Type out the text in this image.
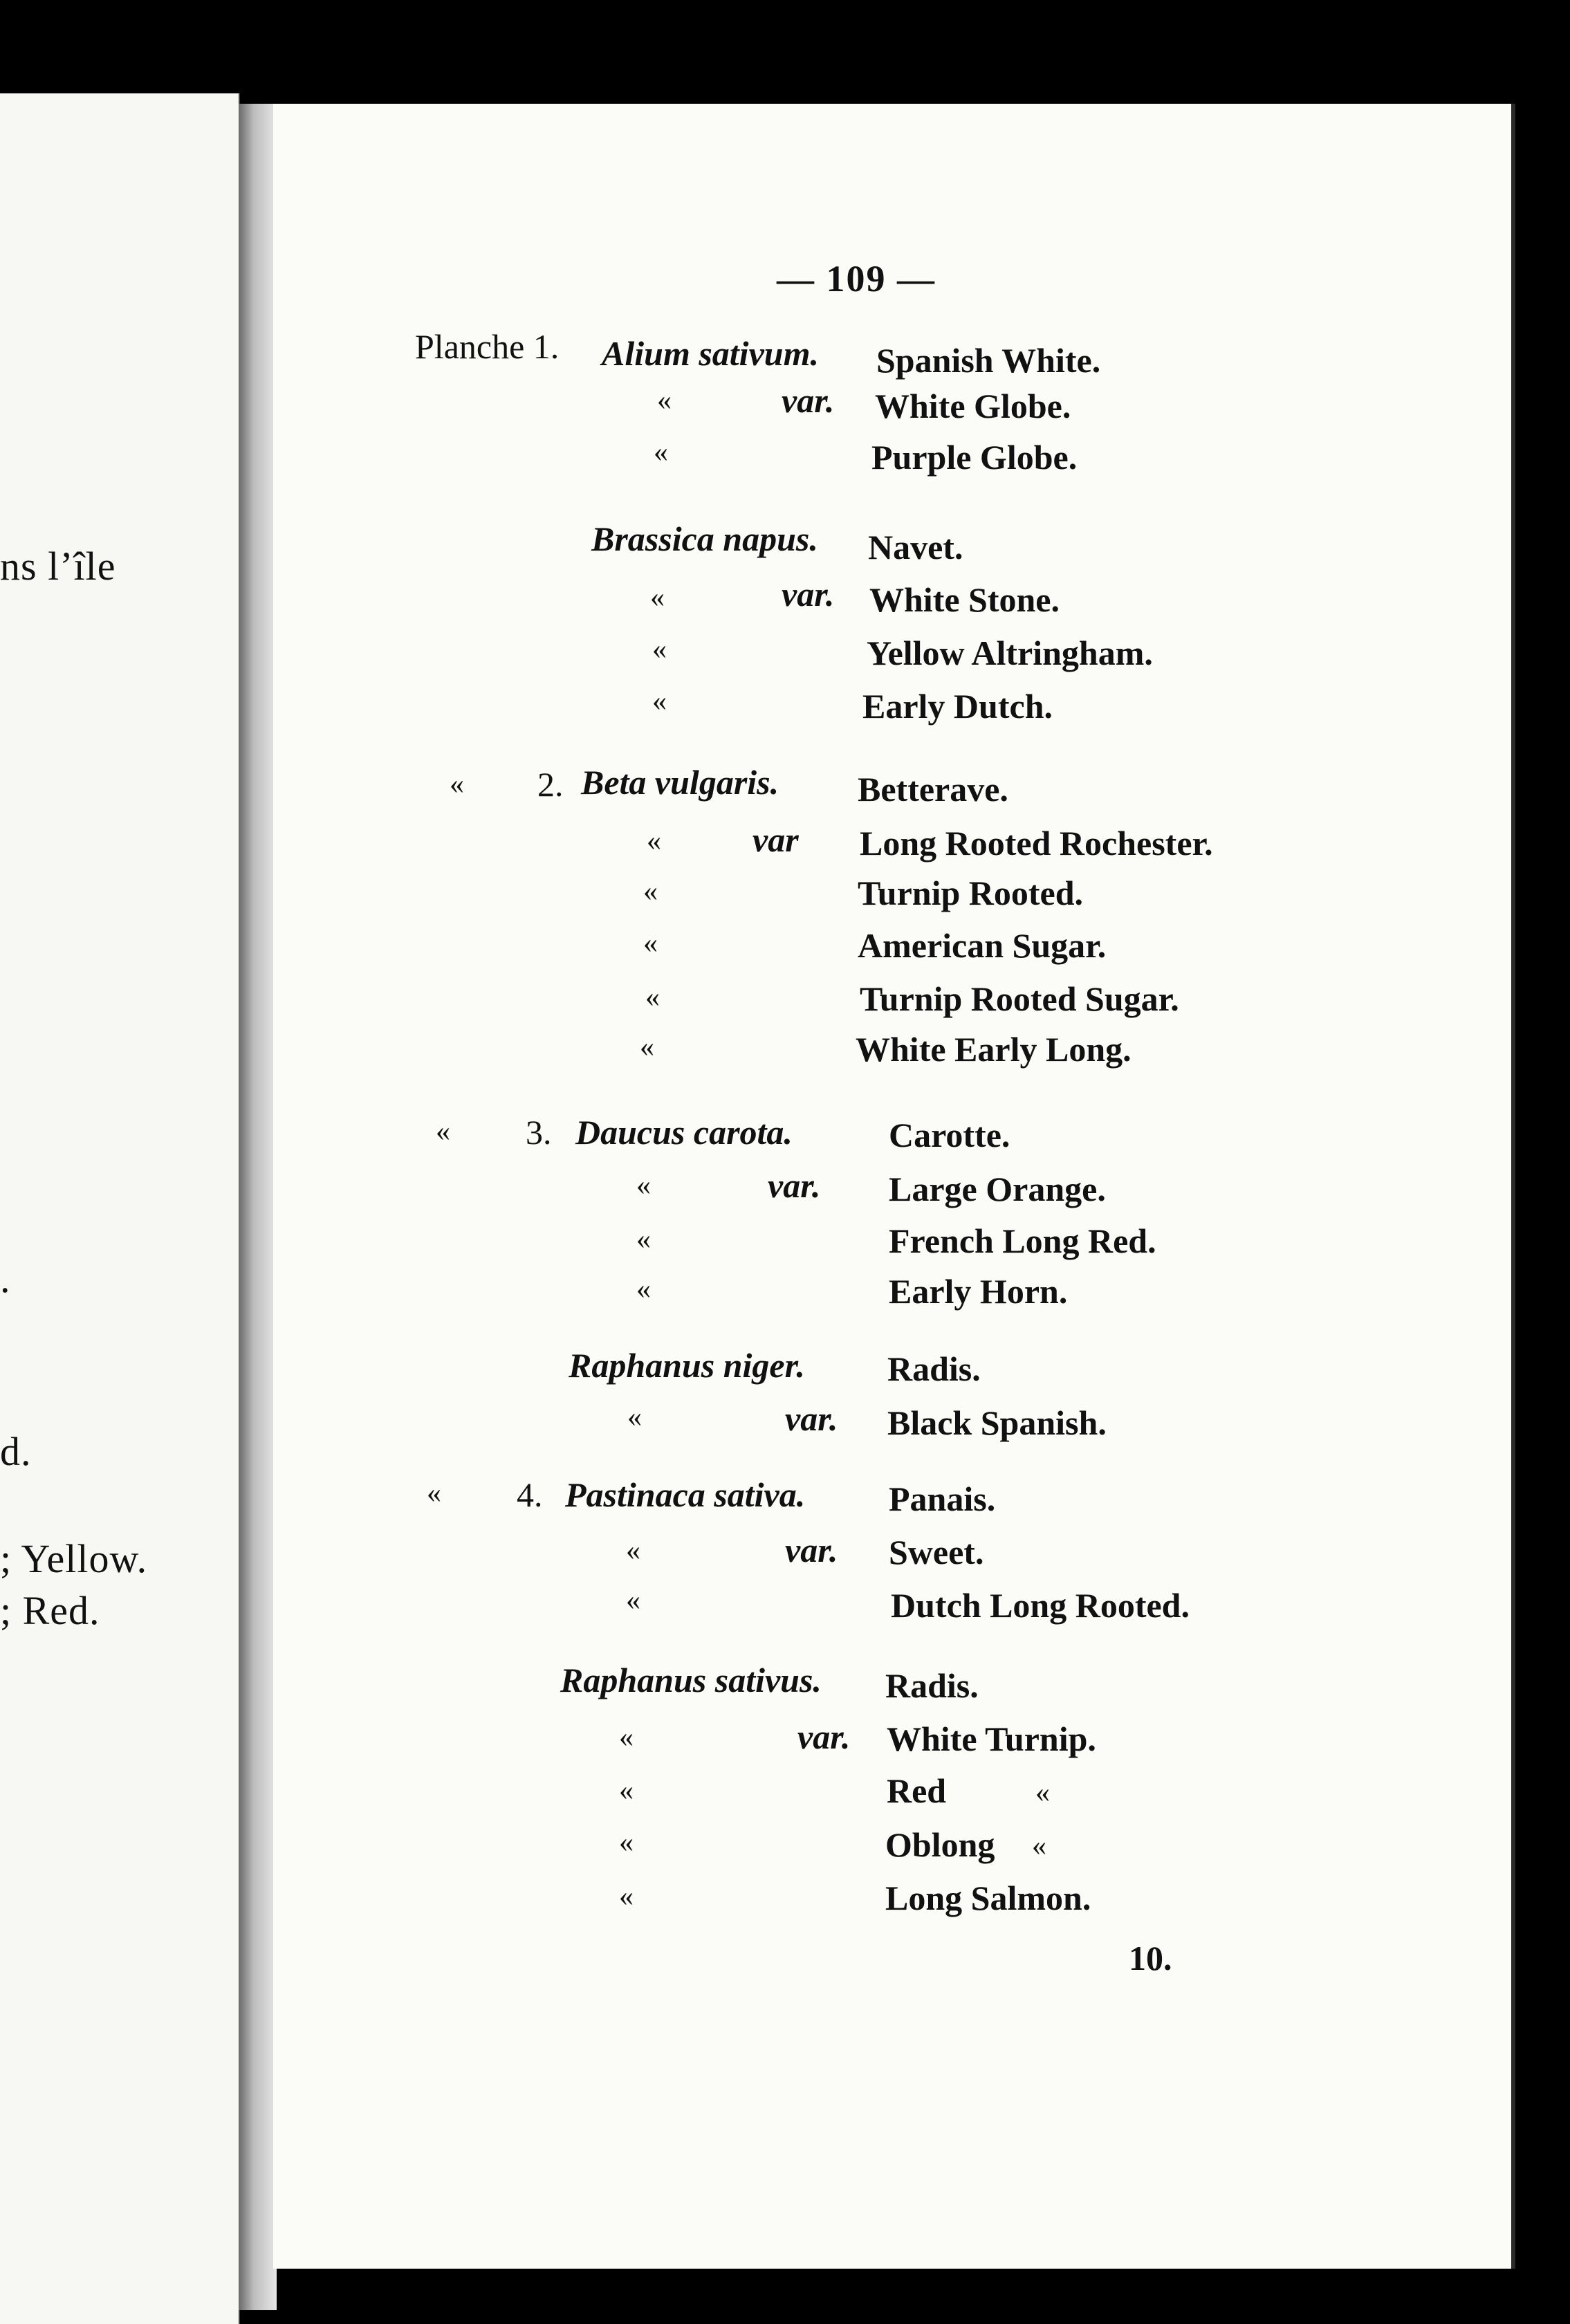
ns l’île
.
d.
; Yellow.
; Red.
— 109 —
Planche 1. Alium sativum. Spanish White.
«	var. White Globe.
«	Purple Globe.
Brassica napus. Navet.
«	var. White Stone.
«	Yellow Altringham.
«	Early Dutch.
« 2. Beta vulgaris. Betterave.
«	var Long Rooted Rochester.
«	Turnip Rooted.
«	American Sugar.
«	Turnip Rooted Sugar.
«	White Early Long.
« 3. Daucus carota.	Carotte.
«	var. Large Orange.
«	French Long Red.
«	Early Horn.
Raphanus niger. Radis.
«	var. Black Spanish.
« 4. Pastinaca sativa. Panais.
«	var. Sweet.
«	Dutch Long Rooted.
Raphanus sativus. Radis.
«	var. White Turnip.
«	Red	«
«	Oblong «
«	Long Salmon.
10.
